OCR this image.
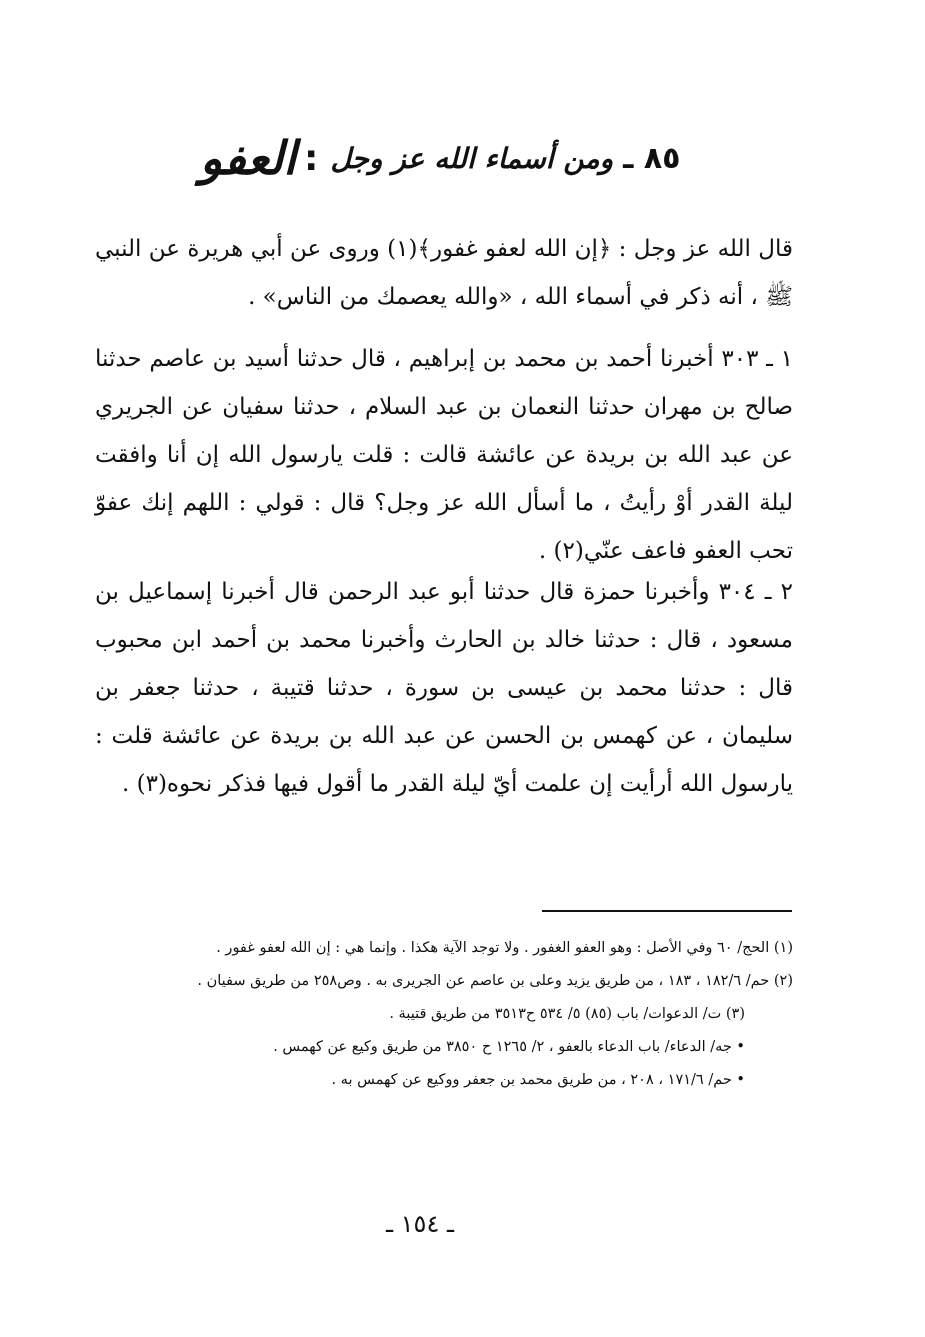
٨٥ ـ
ومن أسماء الله عز وجل
:
العفو

قال الله عز وجل : ﴿إن الله لعفو غفور﴾(١) وروى عن أبي هريرة عن النبي ﷺ ، أنه ذكر في أسماء الله ، «والله يعصمك من الناس» .

١ ـ ٣٠٣ أخبرنا أحمد بن محمد بن إبراهيم ، قال حدثنا أسيد بن عاصم حدثنا صالح بن مهران حدثنا النعمان بن عبد السلام ، حدثنا سفيان عن الجريري عن عبد الله بن بريدة عن عائشة قالت : قلت يارسول الله إن أنا وافقت ليلة القدر أوْ رأيتُ ، ما أسأل الله عز وجل؟ قال : قولي : اللهم إنك عفوّ تحب العفو فاعف عنّي(٢) .

٢ ـ ٣٠٤ وأخبرنا حمزة قال حدثنا أبو عبد الرحمن قال أخبرنا إسماعيل بن مسعود ، قال : حدثنا خالد بن الحارث وأخبرنا محمد بن أحمد ابن محبوب قال : حدثنا محمد بن عيسى بن سورة ، حدثنا قتيبة ، حدثنا جعفر بن سليمان ، عن كهمس بن الحسن عن عبد الله بن بريدة عن عائشة قلت : يارسول الله أرأيت إن علمت أيّ ليلة القدر ما أقول فيها فذكر نحوه(٣) .

(١) الحج/ ٦٠ وفي الأصل : وهو العفو الغفور . ولا توجد الآية هكذا . وإنما هي : إن الله لعفو غفور .

(٢) حم/ ١٨٢/٦ ، ١٨٣ ، من طريق يزيد وعلى بن عاصم عن الجريرى به . وص٢٥٨ من طريق سفيان .

(٣) ت/ الدعوات/ باب (٨٥) ٥/ ٥٣٤ ح٣٥١٣ من طريق قتيبة .

• جه/ الدعاء/ باب الدعاء بالعفو ، ٢/ ١٢٦٥ ح ٣٨٥٠ من طريق وكيع عن كهمس .

• حم/ ١٧١/٦ ، ٢٠٨ ، من طريق محمد بن جعفر ووكيع عن كهمس به .

ـ ١٥٤ ـ
